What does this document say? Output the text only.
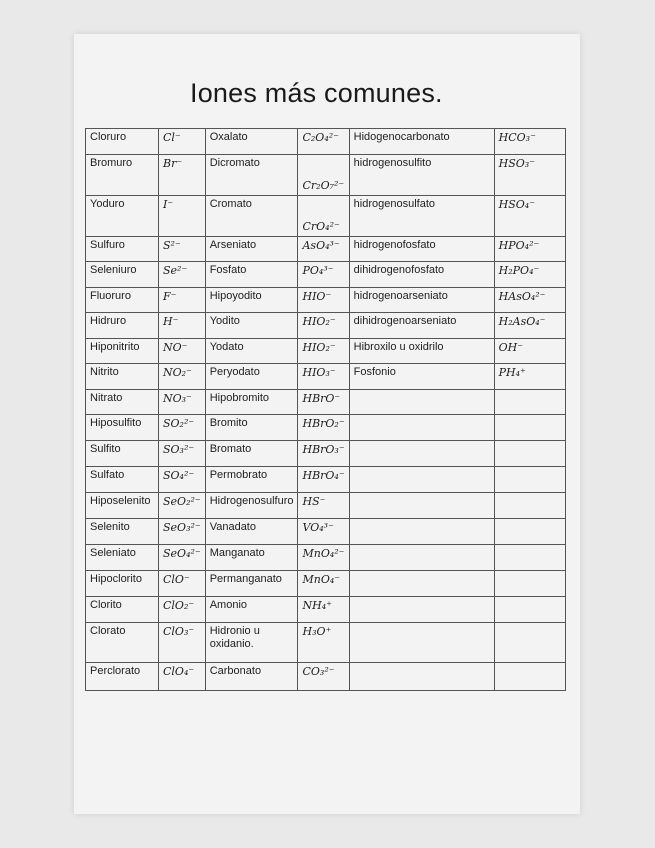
Iones más comunes.
Cloruro	Cl⁻	Oxalato	C₂O₄²⁻	Hidogenocarbonato	HCO₃⁻
Bromuro	Br⁻	Dicromato	Cr₂O₇²⁻	hidrogenosulfito	HSO₃⁻
Yoduro	I⁻	Cromato	CrO₄²⁻	hidrogenosulfato	HSO₄⁻
Sulfuro	S²⁻	Arseniato	AsO₄³⁻	hidrogenofosfato	HPO₄²⁻
Seleniuro	Se²⁻	Fosfato	PO₄³⁻	dihidrogenofosfato	H₂PO₄⁻
Fluoruro	F⁻	Hipoyodito	HIO⁻	hidrogenoarseniato	HAsO₄²⁻
Hidruro	H⁻	Yodito	HIO₂⁻	dihidrogenoarseniato	H₂AsO₄⁻
Hiponitrito	NO⁻	Yodato	HIO₂⁻	Hibroxilo u oxidrilo	OH⁻
Nitrito	NO₂⁻	Peryodato	HIO₃⁻	Fosfonio	PH₄⁺
Nitrato	NO₃⁻	Hipobromito	HBrO⁻		
Hiposulfito	SO₂²⁻	Bromito	HBrO₂⁻		
Sulfito	SO₃²⁻	Bromato	HBrO₃⁻		
Sulfato	SO₄²⁻	Permobrato	HBrO₄⁻		
Hiposelenito	SeO₂²⁻	Hidrogenosulfuro	HS⁻		
Selenito	SeO₃²⁻	Vanadato	VO₄³⁻		
Seleniato	SeO₄²⁻	Manganato	MnO₄²⁻		
Hipoclorito	ClO⁻	Permanganato	MnO₄⁻		
Clorito	ClO₂⁻	Amonio	NH₄⁺		
Clorato	ClO₃⁻	Hidronio u oxidanio.	H₃O⁺		
Perclorato	ClO₄⁻	Carbonato	CO₃²⁻		
